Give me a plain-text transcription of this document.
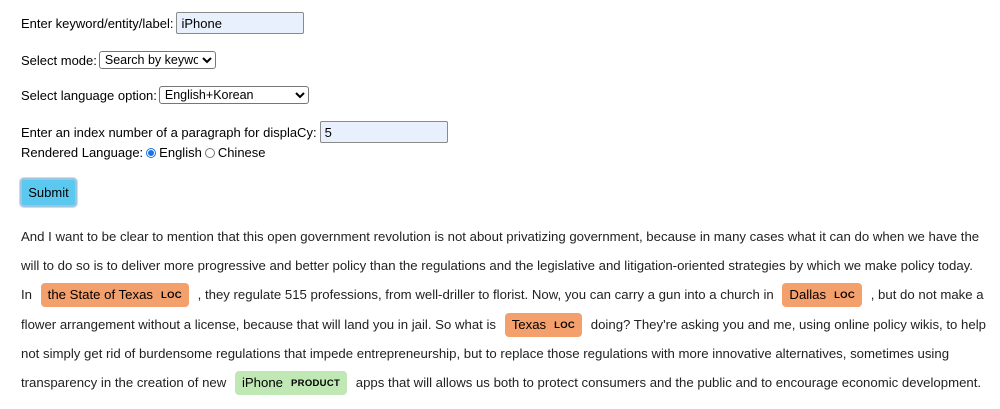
Enter keyword/entity/label:
iPhone
Select mode:
Search by keyword
Select language option:
English+Korean
Enter an index number of a paragraph for displaCy:
5
Rendered Language: English Chinese
Submit
And I want to be clear to mention that this open government revolution is not about privatizing government, because in many cases what it can do when we have the will to do so is to deliver more progressive and better policy than the regulations and the legislative and litigation-oriented strategies by which we make policy today. In the State of Texas LOC , they regulate 515 professions, from well-driller to florist. Now, you can carry a gun into a church in Dallas LOC , but do not make a flower arrangement without a license, because that will land you in jail. So what is Texas LOC doing? They're asking you and me, using online policy wikis, to help not simply get rid of burdensome regulations that impede entrepreneurship, but to replace those regulations with more innovative alternatives, sometimes using transparency in the creation of new iPhone PRODUCT apps that will allows us both to protect consumers and the public and to encourage economic development.
